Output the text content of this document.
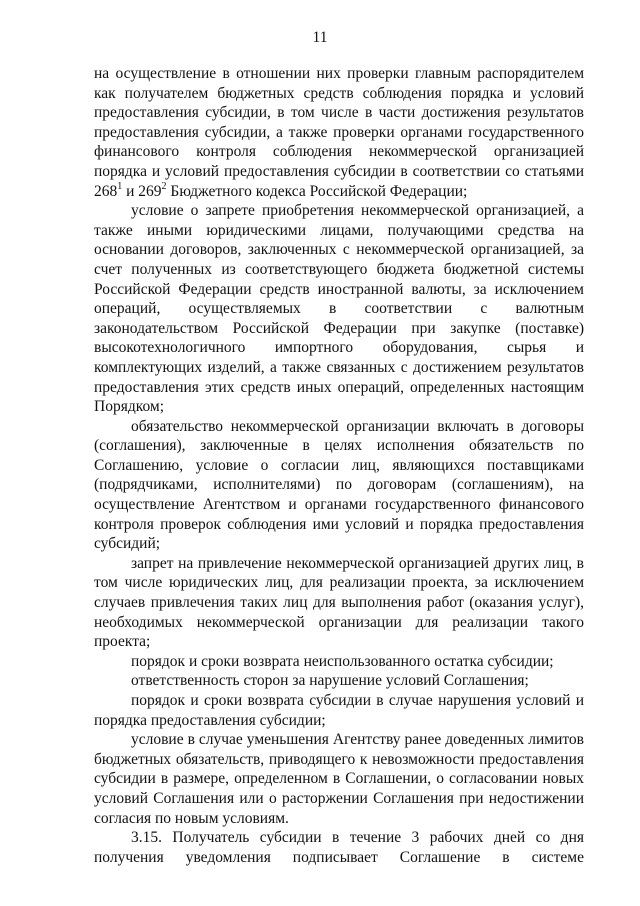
11

на осуществление в отношении них проверки главным распорядителем как получателем бюджетных средств соблюдения порядка и условий предоставления субсидии, в том числе в части достижения результатов предоставления субсидии, а также проверки органами государственного финансового контроля соблюдения некоммерческой организацией порядка и условий предоставления субсидии в соответствии со статьями $268^1$ и $269^2$ Бюджетного кодекса Российской Федерации;

условие о запрете приобретения некоммерческой организацией, а также иными юридическими лицами, получающими средства на основании договоров, заключенных с некоммерческой организацией, за счет полученных из соответствующего бюджета бюджетной системы Российской Федерации средств иностранной валюты, за исключением операций, осуществляемых в соответствии с валютным законодательством Российской Федерации при закупке (поставке) высокотехнологичного импортного оборудования, сырья и комплектующих изделий, а также связанных с достижением результатов предоставления этих средств иных операций, определенных настоящим Порядком;

обязательство некоммерческой организации включать в договоры (соглашения), заключенные в целях исполнения обязательств по Соглашению, условие о согласии лиц, являющихся поставщиками (подрядчиками, исполнителями) по договорам (соглашениям), на осуществление Агентством и органами государственного финансового контроля проверок соблюдения ими условий и порядка предоставления субсидий;

запрет на привлечение некоммерческой организацией других лиц, в том числе юридических лиц, для реализации проекта, за исключением случаев привлечения таких лиц для выполнения работ (оказания услуг), необходимых некоммерческой организации для реализации такого проекта;

порядок и сроки возврата неиспользованного остатка субсидии;

ответственность сторон за нарушение условий Соглашения;

порядок и сроки возврата субсидии в случае нарушения условий и порядка предоставления субсидии;

условие в случае уменьшения Агентству ранее доведенных лимитов бюджетных обязательств, приводящего к невозможности предоставления субсидии в размере, определенном в Соглашении, о согласовании новых условий Соглашения или о расторжении Соглашения при недостижении согласия по новым условиям.

3.15. Получатель субсидии в течение 3 рабочих дней со дня получения уведомления подписывает Соглашение в системе
